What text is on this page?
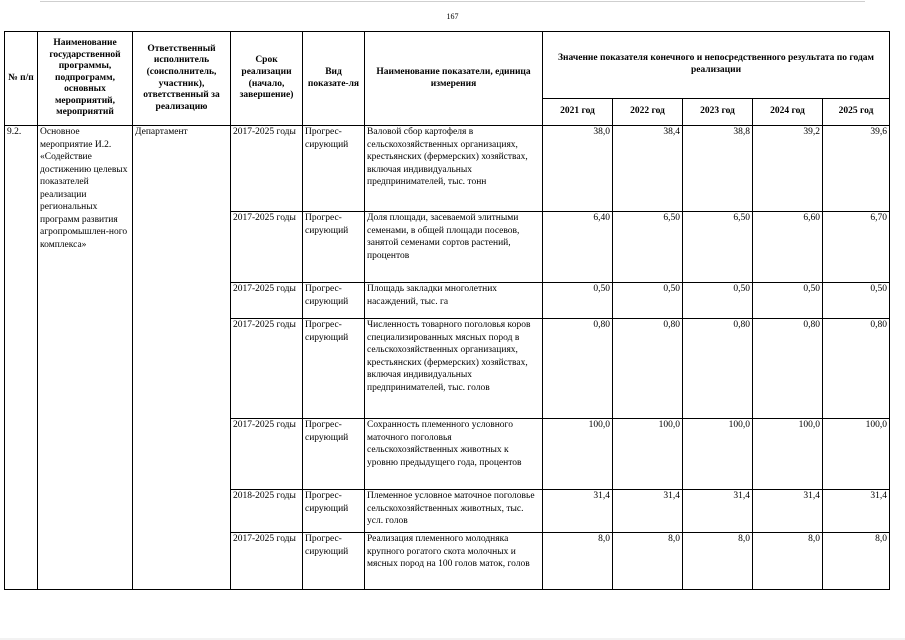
167
№ п/п	Наименование государственной программы, подпрограмм, основных мероприятий, мероприятий	Ответственный исполнитель (соисполнитель, участник), ответственный за реализацию	Срок реализации (начало, завершение)	Вид показате-ля	Наименование показатели, единица измерения	Значение показателя конечного и непосредственного результата по годам реализации				
						2021 год	2022 год	2023 год	2024 год	2025 год
9.2.	Основное мероприятие И.2. «Содействие достижению целевых показателей реализации региональных программ развития агропромышлен-ного комплекса»	Департамент	2017-2025 годы	Прогрес-сирующий	Валовой сбор картофеля в сельскохозяйственных организациях, крестьянских (фермерских) хозяйствах, включая индивидуальных предпринимателей, тыс. тонн	38,0	38,4	38,8	39,2	39,6
			2017-2025 годы	Прогрес-сирующий	Доля площади, засеваемой элитными семенами, в общей площади посевов, занятой семенами сортов растений, процентов	6,40	6,50	6,50	6,60	6,70
			2017-2025 годы	Прогрес-сирующий	Площадь закладки многолетних насаждений, тыс. га	0,50	0,50	0,50	0,50	0,50
			2017-2025 годы	Прогрес-сирующий	Численность товарного поголовья коров специализированных мясных пород в сельскохозяйственных организациях, крестьянских (фермерских) хозяйствах, включая индивидуальных предпринимателей, тыс. голов	0,80	0,80	0,80	0,80	0,80
			2017-2025 годы	Прогрес-сирующий	Сохранность племенного условного маточного поголовья сельскохозяйственных животных к уровню предыдущего года, процентов	100,0	100,0	100,0	100,0	100,0
			2018-2025 годы	Прогрес-сирующий	Племенное условное маточное поголовье сельскохозяйственных животных, тыс. усл. голов	31,4	31,4	31,4	31,4	31,4
			2017-2025 годы	Прогрес-сирующий	Реализация племенного молодняка крупного рогатого скота молочных и мясных пород на 100 голов маток, голов	8,0	8,0	8,0	8,0	8,0
